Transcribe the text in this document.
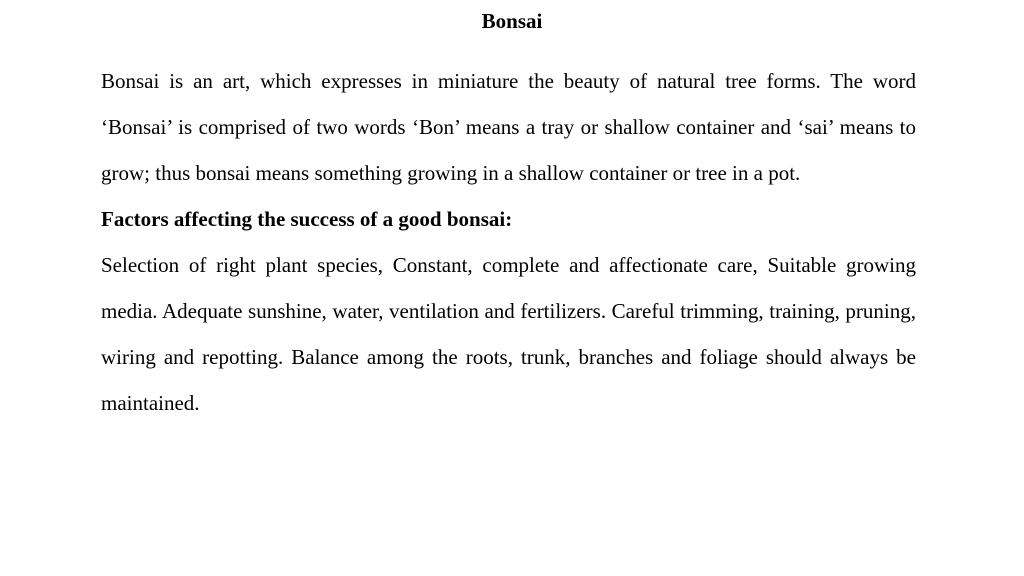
Bonsai

Bonsai is an art, which expresses in miniature the beauty of natural tree forms. The word ‘Bonsai’ is comprised of two words ‘Bon’ means a tray or shallow container and ‘sai’ means to grow; thus bonsai means something growing in a shallow container or tree in a pot.

Factors affecting the success of a good bonsai:

Selection of right plant species, Constant, complete and affectionate care, Suitable growing media. Adequate sunshine, water, ventilation and fertilizers. Careful trimming, training, pruning, wiring and repotting. Balance among the roots, trunk, branches and foliage should always be maintained.
